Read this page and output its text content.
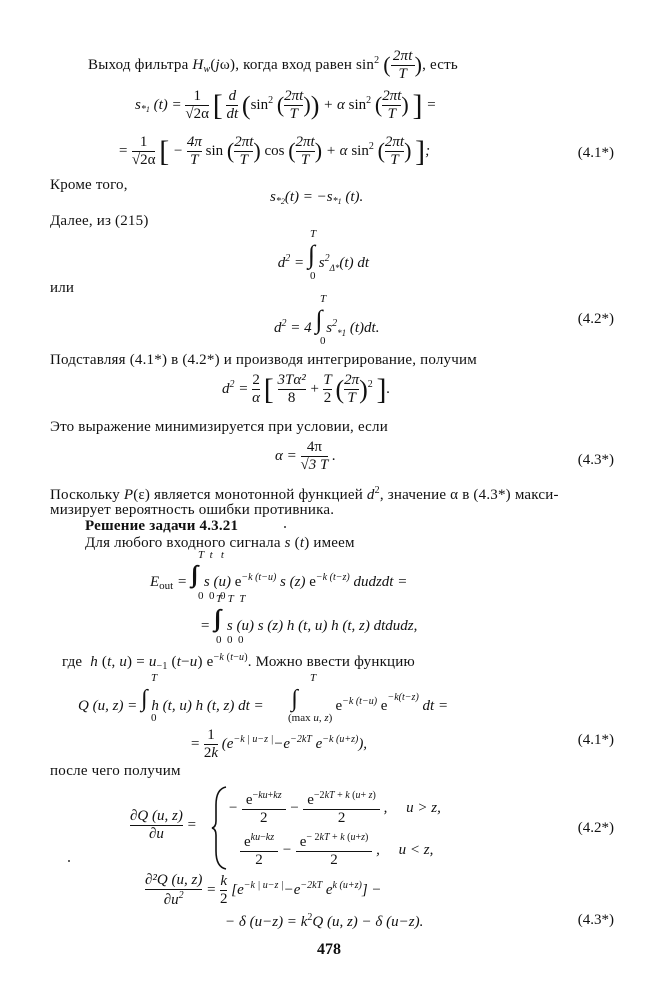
Выход фильтра $H_w(j\omega)$, когда вход равен $\sin^2$ ( $\frac{2\pi t}{T}$ ), есть
$s_{*1}$ $(t) = \frac{1}{√2\alpha}$ [ $\frac{d}{dt} (\sin^2$ ( $\frac{2\pi t}{T}$ )) + α $\sin^2$ ( $\frac{2\pi t}{T}$ ) ] =
= $\frac{1}{√2\alpha}$ [ − $\frac{4\pi}{T}$ sin ( $\frac{2\pi t}{T}$ ) cos ( $\frac{2\pi t}{T}$ ) + α $\sin^2$ ( $\frac{2\pi t}{T}$ ) ];	(4.1*)
Кроме того,
$s_{*2}(t) = -s_{*1}$ (t).
Далее, из (215)
T
$d^2$ = ∫ $s^2_{\Delta*}(t)$ dt
0
или
T
$d^2 = 4$ ∫ $s^2_{*1}$ (t)dt.
0
(4.2*)
Подставляя (4.1*) в (4.2*) и производя интегрирование, получим
$d^2 = \frac{2}{\alpha}$ [ $\frac{\text{3Tα²}}{8} + \frac{T}{2}$ ( $\frac{2\pi}{T} )^2$ ].
Это выражение минимизируется при условии, если
$\alpha = \frac{4\pi}{√3 T}$ .	(4.3*)
Поскольку P(ε) является монотонной функцией $d^2$, значение α в (4.3*) макси-
мизирует вероятность ошибки противника.
Решение задачи 4.3.21
Для любого входного сигнала s (t) имеем
T  t   t
$E_{out}$ = ∫∫∫ s (u) $e^{-k (t-u)}$ s (z) $e^{-k (t-z)}$ dudzdt =
0  0  0
T  T  T
= ∫∫∫ s (u) s (z) h (t, u) h (t, z) dtdudz,
0  0  0
где  h (t, $u) = u_{-1}$ (t−u) $e^{-k (t-u)}$. Можно ввести функцию
T
Q (u, z) = ∫ h (t, u) h (t, z) dt =
0
T
∫
(max u, z)
$e^{-k (t-u)}$ $e^{-k(t-z)}$ dt =
= $\frac{1}{2k} (e^{-k | u-z |}-e^{-2kT}$ $e^{-k (u+z)}$),	(4.1*)
после чего получим
$\frac{\partial Q (u, z)}{\partial u}$ =
− $\frac{e^{-ku+kz}}{2} - \frac{e^{-2kT + k (u+ z)}}{2}$ ,     u > z,
$e^{ku-kz}$
2
− $\frac{e^{- 2kT + k (u+z)}}{2}$ ,     u < z,
(4.2*)
$\frac{\text{∂²Q (u, z)}}{\partial u^2} = \frac{k}{2} [e^{-k | u-z |}-e^{-2kT}$ $e^{k (u+z)}$] −
− δ $(u-z) = k^2Q$ (u, z) − δ (u−z).	(4.3*)
478
